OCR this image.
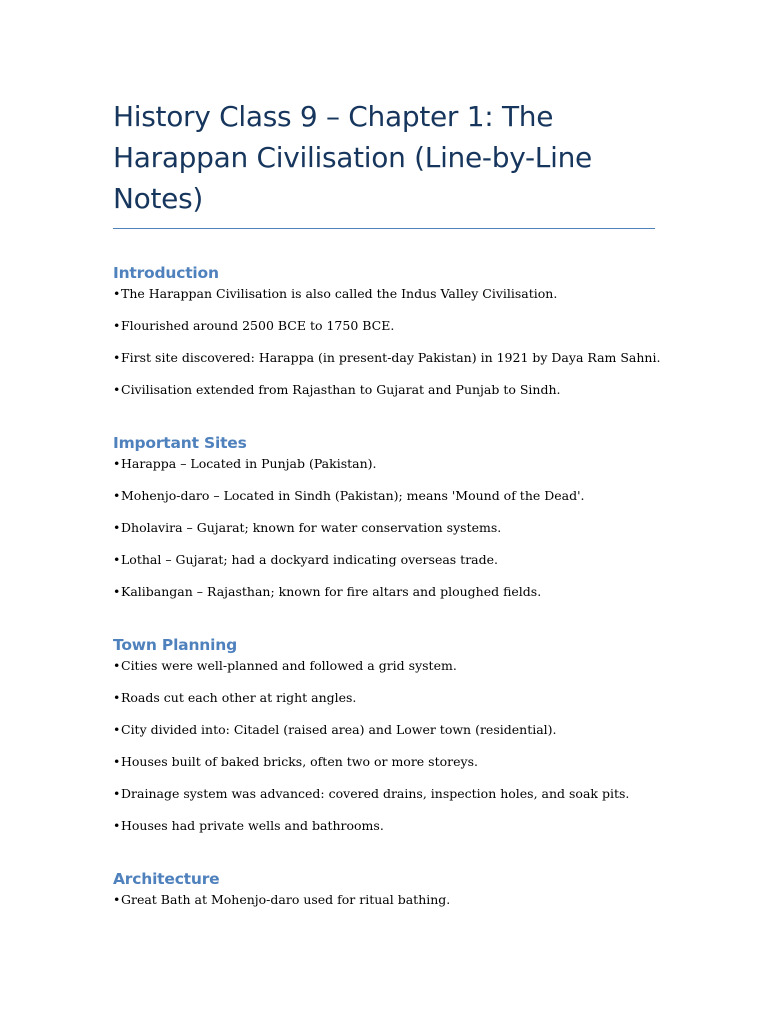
History Class 9 – Chapter 1: The Harappan Civilisation (Line-by-Line Notes)
Introduction
•The Harappan Civilisation is also called the Indus Valley Civilisation.
•Flourished around 2500 BCE to 1750 BCE.
•First site discovered: Harappa (in present-day Pakistan) in 1921 by Daya Ram Sahni.
•Civilisation extended from Rajasthan to Gujarat and Punjab to Sindh.
Important Sites
•Harappa – Located in Punjab (Pakistan).
•Mohenjo-daro – Located in Sindh (Pakistan); means 'Mound of the Dead'.
•Dholavira – Gujarat; known for water conservation systems.
•Lothal – Gujarat; had a dockyard indicating overseas trade.
•Kalibangan – Rajasthan; known for fire altars and ploughed fields.
Town Planning
•Cities were well-planned and followed a grid system.
•Roads cut each other at right angles.
•City divided into: Citadel (raised area) and Lower town (residential).
•Houses built of baked bricks, often two or more storeys.
•Drainage system was advanced: covered drains, inspection holes, and soak pits.
•Houses had private wells and bathrooms.
Architecture
•Great Bath at Mohenjo-daro used for ritual bathing.
